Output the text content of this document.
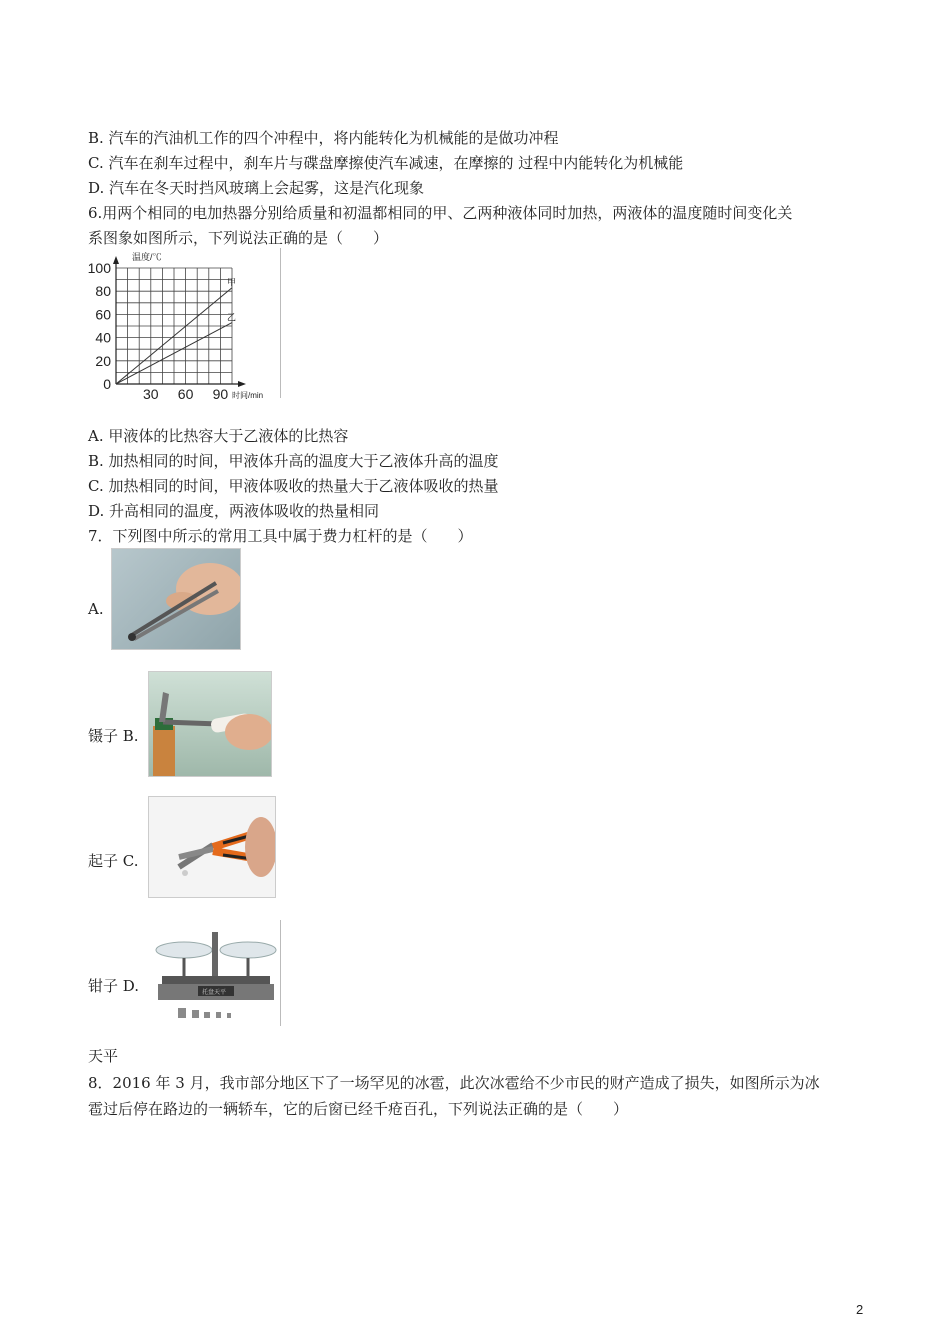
B. 汽车的汽油机工作的四个冲程中，将内能转化为机械能的是做功冲程
C. 汽车在刹车过程中，刹车片与碟盘摩擦使汽车减速，在摩擦的 过程中内能转化为机械能
D. 汽车在冬天时挡风玻璃上会起雾，这是汽化现象
6.用两个相同的电加热器分别给质量和初温都相同的甲、乙两种液体同时加热，两液体的温度随时间变化关
系图象如图所示，下列说法正确的是（　　）
温度/℃
时间/min
0
20
40
60
80
100
30 60 90
甲
乙
A. 甲液体的比热容大于乙液体的比热容
B. 加热相同的时间，甲液体升高的温度大于乙液体升高的温度
C. 加热相同的时间，甲液体吸收的热量大于乙液体吸收的热量
D. 升高相同的温度，两液体吸收的热量相同
7．下列图中所示的常用工具中属于费力杠杆的是（　　）
A.
镊子 B.
起子 C.
钳子 D.	托盘天平
天平
8．2016 年 3 月，我市部分地区下了一场罕见的冰雹，此次冰雹给不少市民的财产造成了损失，如图所示为冰
雹过后停在路边的一辆轿车，它的后窗已经千疮百孔，下列说法正确的是（　　）
2
